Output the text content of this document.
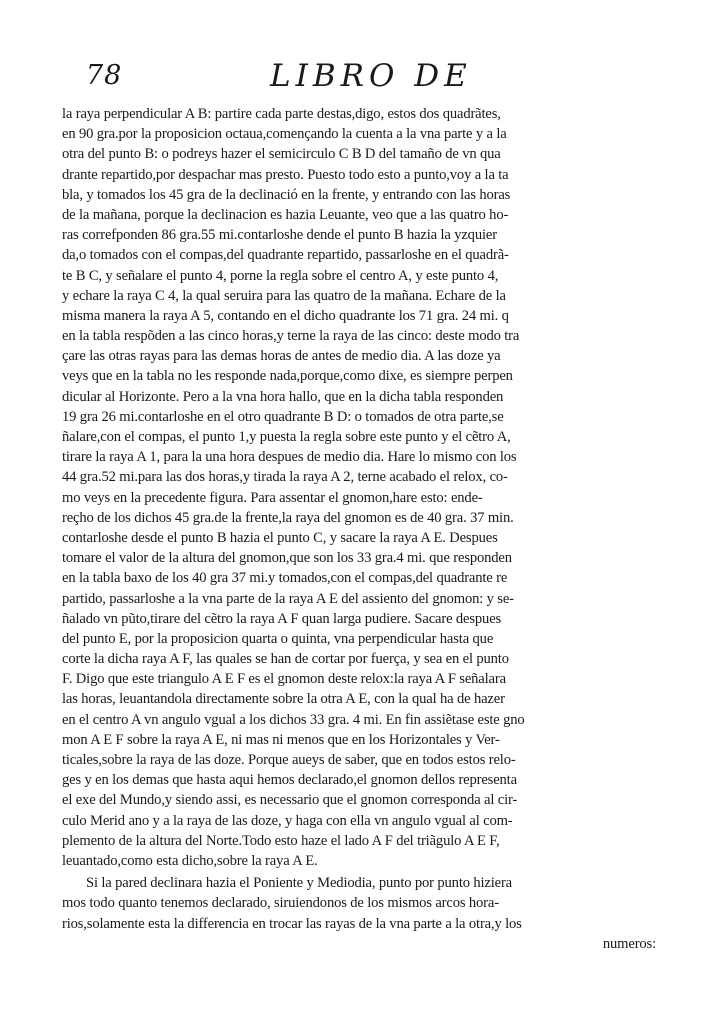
78	LIBRO DE
la raya perpendicular A B: partire cada parte destas,digo, estos dos quadrãtes,
en 90 gra.por la proposicion octaua,començando la cuenta a la vna parte y a la
otra del punto B: o podreys hazer el semicirculo C B D del tamaño de vn qua
drante repartido,por despachar mas presto. Puesto todo esto a punto,voy a la ta
bla, y tomados los 45 gra de la declinació en la frente, y entrando con las horas
de la mañana, porque la declinacion es hazia Leuante, veo que a las quatro ho-
ras correfponden 86 gra.55 mi.contarloshe dende el punto B hazia la yzquier
da,o tomados con el compas,del quadrante repartido, passarloshe en el quadrã-
te B C, y señalare el punto 4, porne la regla sobre el centro A, y este punto 4,
y echare la raya C 4, la qual seruira para las quatro de la mañana. Echare de la
misma manera la raya A 5, contando en el dicho quadrante los 71 gra. 24 mi. q
en la tabla respõden a las cinco horas,y terne la raya de las cinco: deste modo tra
çare las otras rayas para las demas horas de antes de medio dia. A las doze ya
veys que en la tabla no les responde nada,porque,como dixe, es siempre perpen
dicular al Horizonte. Pero a la vna hora hallo, que en la dicha tabla responden
19 gra 26 mi.contarloshe en el otro quadrante B D: o tomados de otra parte,se
ñalare,con el compas, el punto 1,y puesta la regla sobre este punto y el cẽtro A,
tirare la raya A 1, para la una hora despues de medio dia. Hare lo mismo con los
44 gra.52 mi.para las dos horas,y tirada la raya A 2, terne acabado el relox, co-
mo veys en la precedente figura. Para assentar el gnomon,hare esto: ende-
reçho de los dichos 45 gra.de la frente,la raya del gnomon es de 40 gra. 37 min.
contarloshe desde el punto B hazia el punto C, y sacare la raya A E. Despues
tomare el valor de la altura del gnomon,que son los 33 gra.4 mi. que responden
en la tabla baxo de los 40 gra 37 mi.y tomados,con el compas,del quadrante re
partido, passarloshe a la vna parte de la raya A E del assiento del gnomon: y se-
ñalado vn pũto,tirare del cẽtro la raya A F quan larga pudiere. Sacare despues
del punto E, por la proposicion quarta o quinta, vna perpendicular hasta que
corte la dicha raya A F, las quales se han de cortar por fuerça, y sea en el punto
F. Digo que este triangulo A E F es el gnomon deste relox:la raya A F señalara
las horas, leuantandola directamente sobre la otra A E, con la qual ha de hazer
en el centro A vn angulo vgual a los dichos 33 gra. 4 mi. En fin assiẽtase este gno
mon A E F sobre la raya A E, ni mas ni menos que en los Horizontales y Ver-
ticales,sobre la raya de las doze. Porque aueys de saber, que en todos estos relo-
ges y en los demas que hasta aqui hemos declarado,el gnomon dellos representa
el exe del Mundo,y siendo assi, es necessario que el gnomon corresponda al cir-
culo Merid ano y a la raya de las doze, y haga con ella vn angulo vgual al com-
plemento de la altura del Norte.Todo esto haze el lado A F del triãgulo A E F,
leuantado,como esta dicho,sobre la raya A E.
Si la pared declinara hazia el Poniente y Mediodia, punto por punto hiziera
mos todo quanto tenemos declarado, siruiendonos de los mismos arcos hora-
rios,solamente esta la differencia en trocar las rayas de la vna parte a la otra,y los
numeros:
